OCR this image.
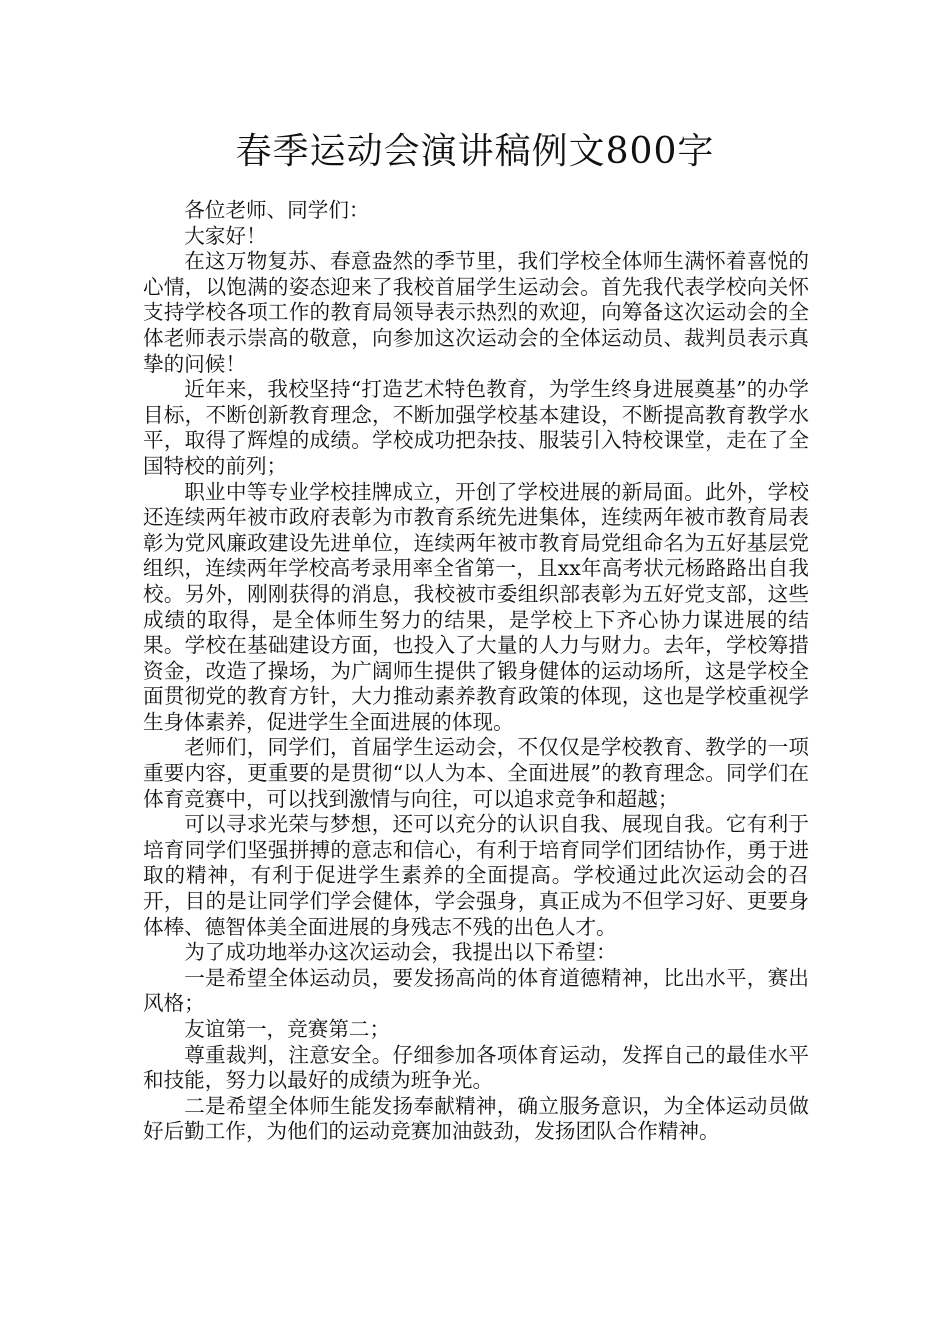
春季运动会演讲稿例文800字

各位老师、同学们：

大家好！

在这万物复苏、春意盎然的季节里，我们学校全体师生满怀着喜悦的心情，以饱满的姿态迎来了我校首届学生运动会。首先我代表学校向关怀支持学校各项工作的教育局领导表示热烈的欢迎，向筹备这次运动会的全体老师表示崇高的敬意，向参加这次运动会的全体运动员、裁判员表示真挚的问候！

近年来，我校坚持“打造艺术特色教育，为学生终身进展奠基”的办学目标，不断创新教育理念，不断加强学校基本建设，不断提高教育教学水平，取得了辉煌的成绩。学校成功把杂技、服装引入特校课堂，走在了全国特校的前列；

职业中等专业学校挂牌成立，开创了学校进展的新局面。此外，学校还连续两年被市政府表彰为市教育系统先进集体，连续两年被市教育局表彰为党风廉政建设先进单位，连续两年被市教育局党组命名为五好基层党组织，连续两年学校高考录用率全省第一，且xx年高考状元杨路路出自我校。另外，刚刚获得的消息，我校被市委组织部表彰为五好党支部，这些成绩的取得，是全体师生努力的结果，是学校上下齐心协力谋进展的结果。学校在基础建设方面，也投入了大量的人力与财力。去年，学校筹措资金，改造了操场，为广阔师生提供了锻身健体的运动场所，这是学校全面贯彻党的教育方针，大力推动素养教育政策的体现，这也是学校重视学生身体素养，促进学生全面进展的体现。

老师们，同学们，首届学生运动会，不仅仅是学校教育、教学的一项重要内容，更重要的是贯彻“以人为本、全面进展”的教育理念。同学们在体育竞赛中，可以找到激情与向往，可以追求竞争和超越；

可以寻求光荣与梦想，还可以充分的认识自我、展现自我。它有利于培育同学们坚强拼搏的意志和信心，有利于培育同学们团结协作，勇于进取的精神，有利于促进学生素养的全面提高。学校通过此次运动会的召开，目的是让同学们学会健体，学会强身，真正成为不但学习好、更要身体棒、德智体美全面进展的身残志不残的出色人才。

为了成功地举办这次运动会，我提出以下希望：

一是希望全体运动员，要发扬高尚的体育道德精神，比出水平，赛出风格；

友谊第一，竞赛第二；

尊重裁判，注意安全。仔细参加各项体育运动，发挥自己的最佳水平和技能，努力以最好的成绩为班争光。

二是希望全体师生能发扬奉献精神，确立服务意识，为全体运动员做好后勤工作，为他们的运动竞赛加油鼓劲，发扬团队合作精神。
